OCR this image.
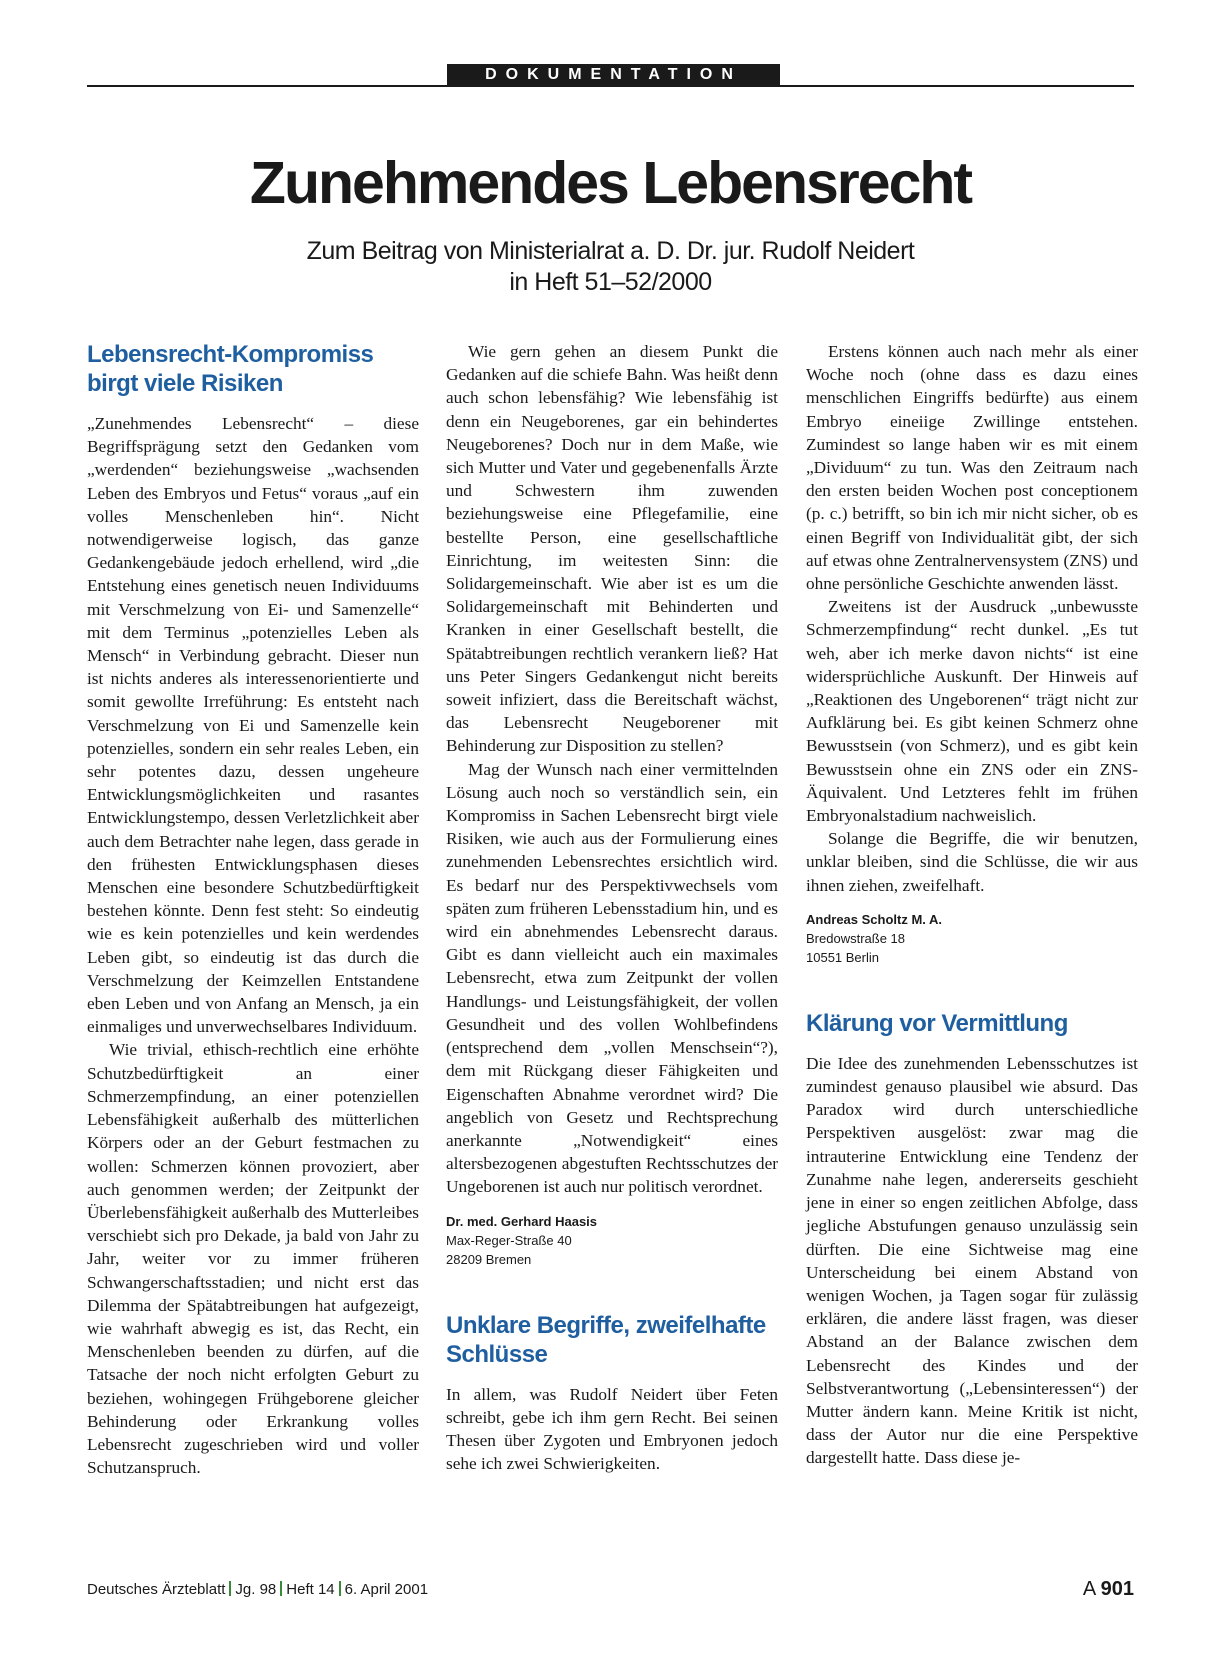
DOKUMENTATION
Zunehmendes Lebensrecht
Zum Beitrag von Ministerialrat a. D. Dr. jur. Rudolf Neidert
in Heft 51–52/2000
Lebensrecht-Kompromiss birgt viele Risiken

„Zunehmendes Lebensrecht“ – diese Begriffsprägung setzt den Gedanken vom „werdenden“ beziehungsweise „wachsenden Leben des Embryos und Fetus“ voraus „auf ein volles Menschenleben hin“. Nicht notwendigerweise logisch, das ganze Gedankengebäude jedoch erhellend, wird „die Entstehung eines genetisch neuen Individuums mit Verschmelzung von Ei- und Samenzelle“ mit dem Terminus „potenzielles Leben als Mensch“ in Verbindung gebracht. Dieser nun ist nichts anderes als interessenorientierte und somit gewollte Irreführung: Es entsteht nach Verschmelzung von Ei und Samenzelle kein potenzielles, sondern ein sehr reales Leben, ein sehr potentes dazu, dessen ungeheure Entwicklungsmöglichkeiten und rasantes Entwicklungstempo, dessen Verletzlichkeit aber auch dem Betrachter nahe legen, dass gerade in den frühesten Entwicklungsphasen dieses Menschen eine besondere Schutzbedürftigkeit bestehen könnte. Denn fest steht: So eindeutig wie es kein potenzielles und kein werdendes Leben gibt, so eindeutig ist das durch die Verschmelzung der Keimzellen Entstandene eben Leben und von Anfang an Mensch, ja ein einmaliges und unverwechselbares Individuum.

Wie trivial, ethisch-rechtlich eine erhöhte Schutzbedürftigkeit an einer Schmerzempfindung, an einer potenziellen Lebensfähigkeit außerhalb des mütterlichen Körpers oder an der Geburt festmachen zu wollen: Schmerzen können provoziert, aber auch genommen werden; der Zeitpunkt der Überlebensfähigkeit außerhalb des Mutterleibes verschiebt sich pro Dekade, ja bald von Jahr zu Jahr, weiter vor zu immer früheren Schwangerschaftsstadien; und nicht erst das Dilemma der Spätabtreibungen hat aufgezeigt, wie wahrhaft abwegig es ist, das Recht, ein Menschenleben beenden zu dürfen, auf die Tatsache der noch nicht erfolgten Geburt zu beziehen, wohingegen Frühgeborene gleicher Behinderung oder Erkrankung volles Lebensrecht zugeschrieben wird und voller Schutzanspruch.

Wie gern gehen an diesem Punkt die Gedanken auf die schiefe Bahn. Was heißt denn auch schon lebensfähig? Wie lebensfähig ist denn ein Neugeborenes, gar ein behindertes Neugeborenes? Doch nur in dem Maße, wie sich Mutter und Vater und gegebenenfalls Ärzte und Schwestern ihm zuwenden beziehungsweise eine Pflegefamilie, eine bestellte Person, eine gesellschaftliche Einrichtung, im weitesten Sinn: die Solidargemeinschaft. Wie aber ist es um die Solidargemeinschaft mit Behinderten und Kranken in einer Gesellschaft bestellt, die Spätabtreibungen rechtlich verankern ließ? Hat uns Peter Singers Gedankengut nicht bereits soweit infiziert, dass die Bereitschaft wächst, das Lebensrecht Neugeborener mit Behinderung zur Disposition zu stellen?

Mag der Wunsch nach einer vermittelnden Lösung auch noch so verständlich sein, ein Kompromiss in Sachen Lebensrecht birgt viele Risiken, wie auch aus der Formulierung eines zunehmenden Lebensrechtes ersichtlich wird. Es bedarf nur des Perspektivwechsels vom späten zum früheren Lebensstadium hin, und es wird ein abnehmendes Lebensrecht daraus. Gibt es dann vielleicht auch ein maximales Lebensrecht, etwa zum Zeitpunkt der vollen Handlungs- und Leistungsfähigkeit, der vollen Gesundheit und des vollen Wohlbefindens (entsprechend dem „vollen Menschsein“?), dem mit Rückgang dieser Fähigkeiten und Eigenschaften Abnahme verordnet wird? Die angeblich von Gesetz und Rechtsprechung anerkannte „Notwendigkeit“ eines altersbezogenen abgestuften Rechtsschutzes der Ungeborenen ist auch nur politisch verordnet.

Dr. med. Gerhard Haasis
Max-Reger-Straße 40
28209 Bremen
Unklare Begriffe, zweifelhafte Schlüsse

In allem, was Rudolf Neidert über Feten schreibt, gebe ich ihm gern Recht. Bei seinen Thesen über Zygoten und Embryonen jedoch sehe ich zwei Schwierigkeiten.

Erstens können auch nach mehr als einer Woche noch (ohne dass es dazu eines menschlichen Eingriffs bedürfte) aus einem Embryo eineiige Zwillinge entstehen. Zumindest so lange haben wir es mit einem „Dividuum“ zu tun. Was den Zeitraum nach den ersten beiden Wochen post conceptionem (p. c.) betrifft, so bin ich mir nicht sicher, ob es einen Begriff von Individualität gibt, der sich auf etwas ohne Zentralnervensystem (ZNS) und ohne persönliche Geschichte anwenden lässt.

Zweitens ist der Ausdruck „unbewusste Schmerzempfindung“ recht dunkel. „Es tut weh, aber ich merke davon nichts“ ist eine widersprüchliche Auskunft. Der Hinweis auf „Reaktionen des Ungeborenen“ trägt nicht zur Aufklärung bei. Es gibt keinen Schmerz ohne Bewusstsein (von Schmerz), und es gibt kein Bewusstsein ohne ein ZNS oder ein ZNS-Äquivalent. Und Letzteres fehlt im frühen Embryonalstadium nachweislich.

Solange die Begriffe, die wir benutzen, unklar bleiben, sind die Schlüsse, die wir aus ihnen ziehen, zweifelhaft.

Andreas Scholtz M. A.
Bredowstraße 18
10551 Berlin
Klärung vor Vermittlung

Die Idee des zunehmenden Lebensschutzes ist zumindest genauso plausibel wie absurd. Das Paradox wird durch unterschiedliche Perspektiven ausgelöst: zwar mag die intrauterine Entwicklung eine Tendenz der Zunahme nahe legen, andererseits geschieht jene in einer so engen zeitlichen Abfolge, dass jegliche Abstufungen genauso unzulässig sein dürften. Die eine Sichtweise mag eine Unterscheidung bei einem Abstand von wenigen Wochen, ja Tagen sogar für zulässig erklären, die andere lässt fragen, was dieser Abstand an der Balance zwischen dem Lebensrecht des Kindes und der Selbstverantwortung („Lebensinteressen“) der Mutter ändern kann. Meine Kritik ist nicht, dass der Autor nur die eine Perspektive dargestellt hatte. Dass diese je-

Deutsches Ärzteblatt Jg. 98 Heft 14 6. April 2001	A 901
